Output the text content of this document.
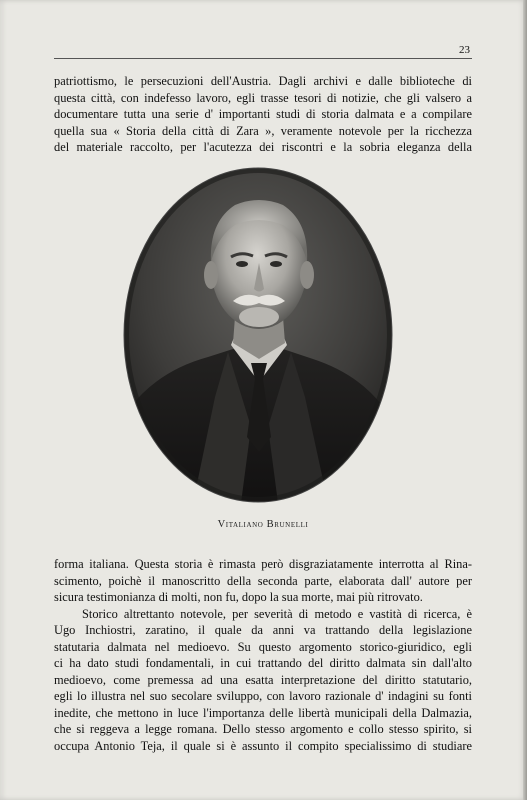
23
patriottismo, le persecuzioni dell'Austria. Dagli archivi e dalle biblioteche di
questa città, con indefesso lavoro, egli trasse tesori di notizie, che gli valsero a
documentare tutta una serie d' importanti studi di storia dalmata e a compilare
quella sua « Storia della città di Zara », veramente notevole per la ricchezza
del materiale raccolto, per l'acutezza dei riscontri e la sobria eleganza della
Vitaliano Brunelli
forma italiana. Questa storia è rimasta però disgraziatamente interrotta al Rina-
scimento, poichè il manoscritto della seconda parte, elaborata dall' autore per
sicura testimonianza di molti, non fu, dopo la sua morte, mai più ritrovato.
Storico altrettanto notevole, per severità di metodo e vastità di ricerca, è
Ugo Inchiostri, zaratino, il quale da anni va trattando della legislazione
statutaria dalmata nel medioevo. Su questo argomento storico-giuridico, egli
ci ha dato studi fondamentali, in cui trattando del diritto dalmata sin dall'alto
medioevo, come premessa ad una esatta interpretazione del diritto statutario,
egli lo illustra nel suo secolare sviluppo, con lavoro razionale d' indagini su fonti
inedite, che mettono in luce l'importanza delle libertà municipali della Dalmazia,
che si reggeva a legge romana. Dello stesso argomento e collo stesso spirito, si
occupa Antonio Teja, il quale si è assunto il compito specialissimo di studiare
